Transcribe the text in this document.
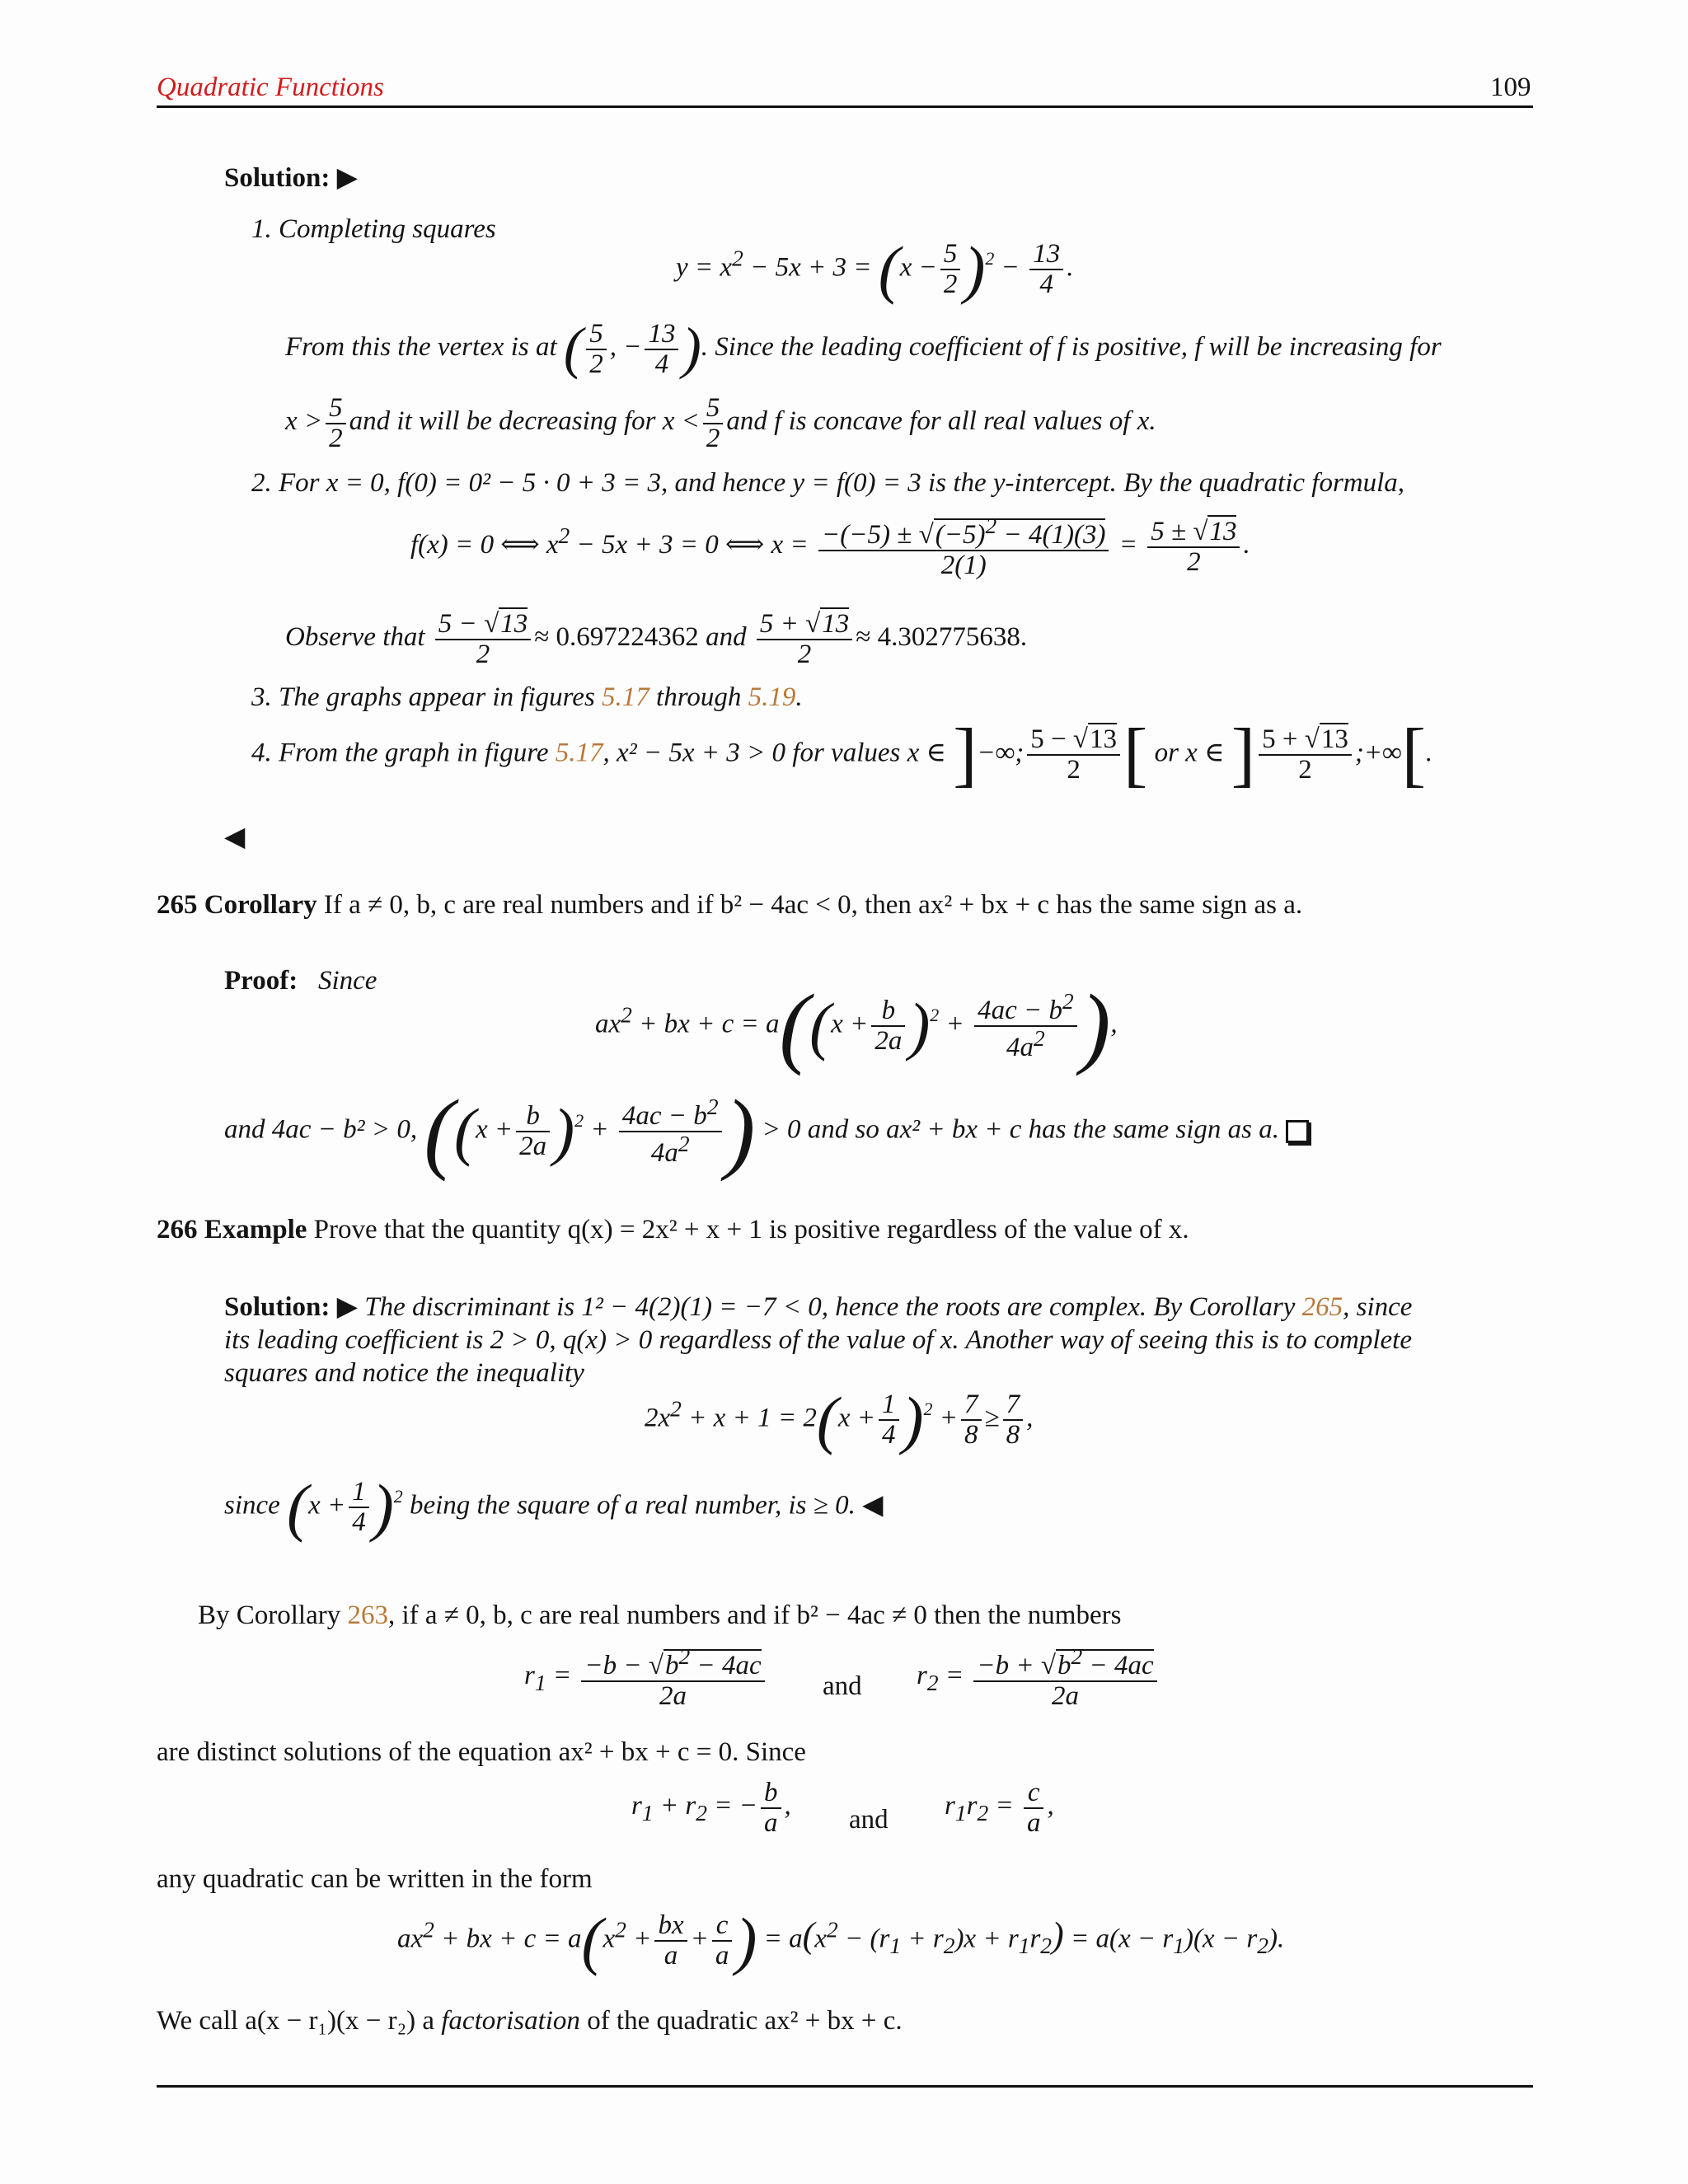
Quadratic Functions	109
Solution: ▶
1. Completing squares
$y = x^2 - 5x + 3 = (x - \frac{5}{2} )^2 - \frac{13}{4}$ .
From this the vertex is at ( $\frac{5}{2}$ , − $\frac{13}{4}$ ). Since the leading coefficient of f is positive, f will be increasing for
$x > \frac{5}{2}$ and it will be decreasing for $x < \frac{5}{2}$ and f is concave for all real values of x.
2. For x = 0, f(0) = 0² − 5 · 0 + 3 = 3, and hence y = f(0) = 3 is the y-intercept. By the quadratic formula,
f(x) = 0 ⟺ $x^2 - 5x + 3 = 0$ ⟺ $x = \frac{-(-5) \pm √(-5)^2 - 4(1)(3)}{2(1)} = \frac{5 \pm √13}{2}$ .
Observe that $\frac{5 - √13}{2} \approx 0.697224362$ and $\frac{5 + √13}{2} \approx 4.302775638$.
3. The graphs appear in figures 5.17 through 5.19.
4. From the graph in figure 5.17, x² − 5x + 3 > 0 for values x ∈ ]−∞; $\frac{5 - √13}{2}$ [ or x ∈ ] $\frac{5 + √13}{2}$ ;+∞[.
◀
265 Corollary If a ≠ 0, b, c are real numbers and if b² − 4ac < 0, then ax² + bx + c has the same sign as a.
Proof: Since
$ax^2$ + bx + $c = a((x + \frac{b}{2a} )^2 + \frac{4ac - b^2}{4a^2}$ ),
and 4ac − b² > 0, ($(x + \frac{b}{2a} )^2 + \frac{4ac - b^2}{4a^2}$ ) > 0 and so ax² + bx + c has the same sign as a.
266 Example Prove that the quantity q(x) = 2x² + x + 1 is positive regardless of the value of x.
Solution: ▶ The discriminant is 1² − 4(2)(1) = −7 < 0, hence the roots are complex. By Corollary 265, since
its leading coefficient is 2 > 0, q(x) > 0 regardless of the value of x. Another way of seeing this is to complete
squares and notice the inequality
$2x^2 + x + 1 = 2(x + \frac{1}{4} )^2 + \frac{7}{8} \ge \frac{7}{8}$ ,
since $(x + \frac{1}{4} )^2$ being the square of a real number, is ≥ 0. ◀
By Corollary 263, if a ≠ 0, b, c are real numbers and if b² − 4ac ≠ 0 then the numbers
$r_1 = \frac{-b - √b^2 - 4ac}{2a}$ and $r_2 = \frac{-b + √b^2 - 4ac}{2a}$
are distinct solutions of the equation ax² + bx + c = 0. Since
$r_1 + r_2$ = − $\frac{b}{a}$ , and $r_1r_2 = \frac{c}{a}$ ,
any quadratic can be written in the form
$ax^2$ + bx + $c = a(x^2 + \frac{bx}{a} + \frac{c}{a}$ ) = $a(x^2 - (r_1 + r_2)x + r_1r_2) = a(x - r_1)(x - r_2)$.
We call a(x − r₁)(x − r₂) a factorisation of the quadratic ax² + bx + c.
